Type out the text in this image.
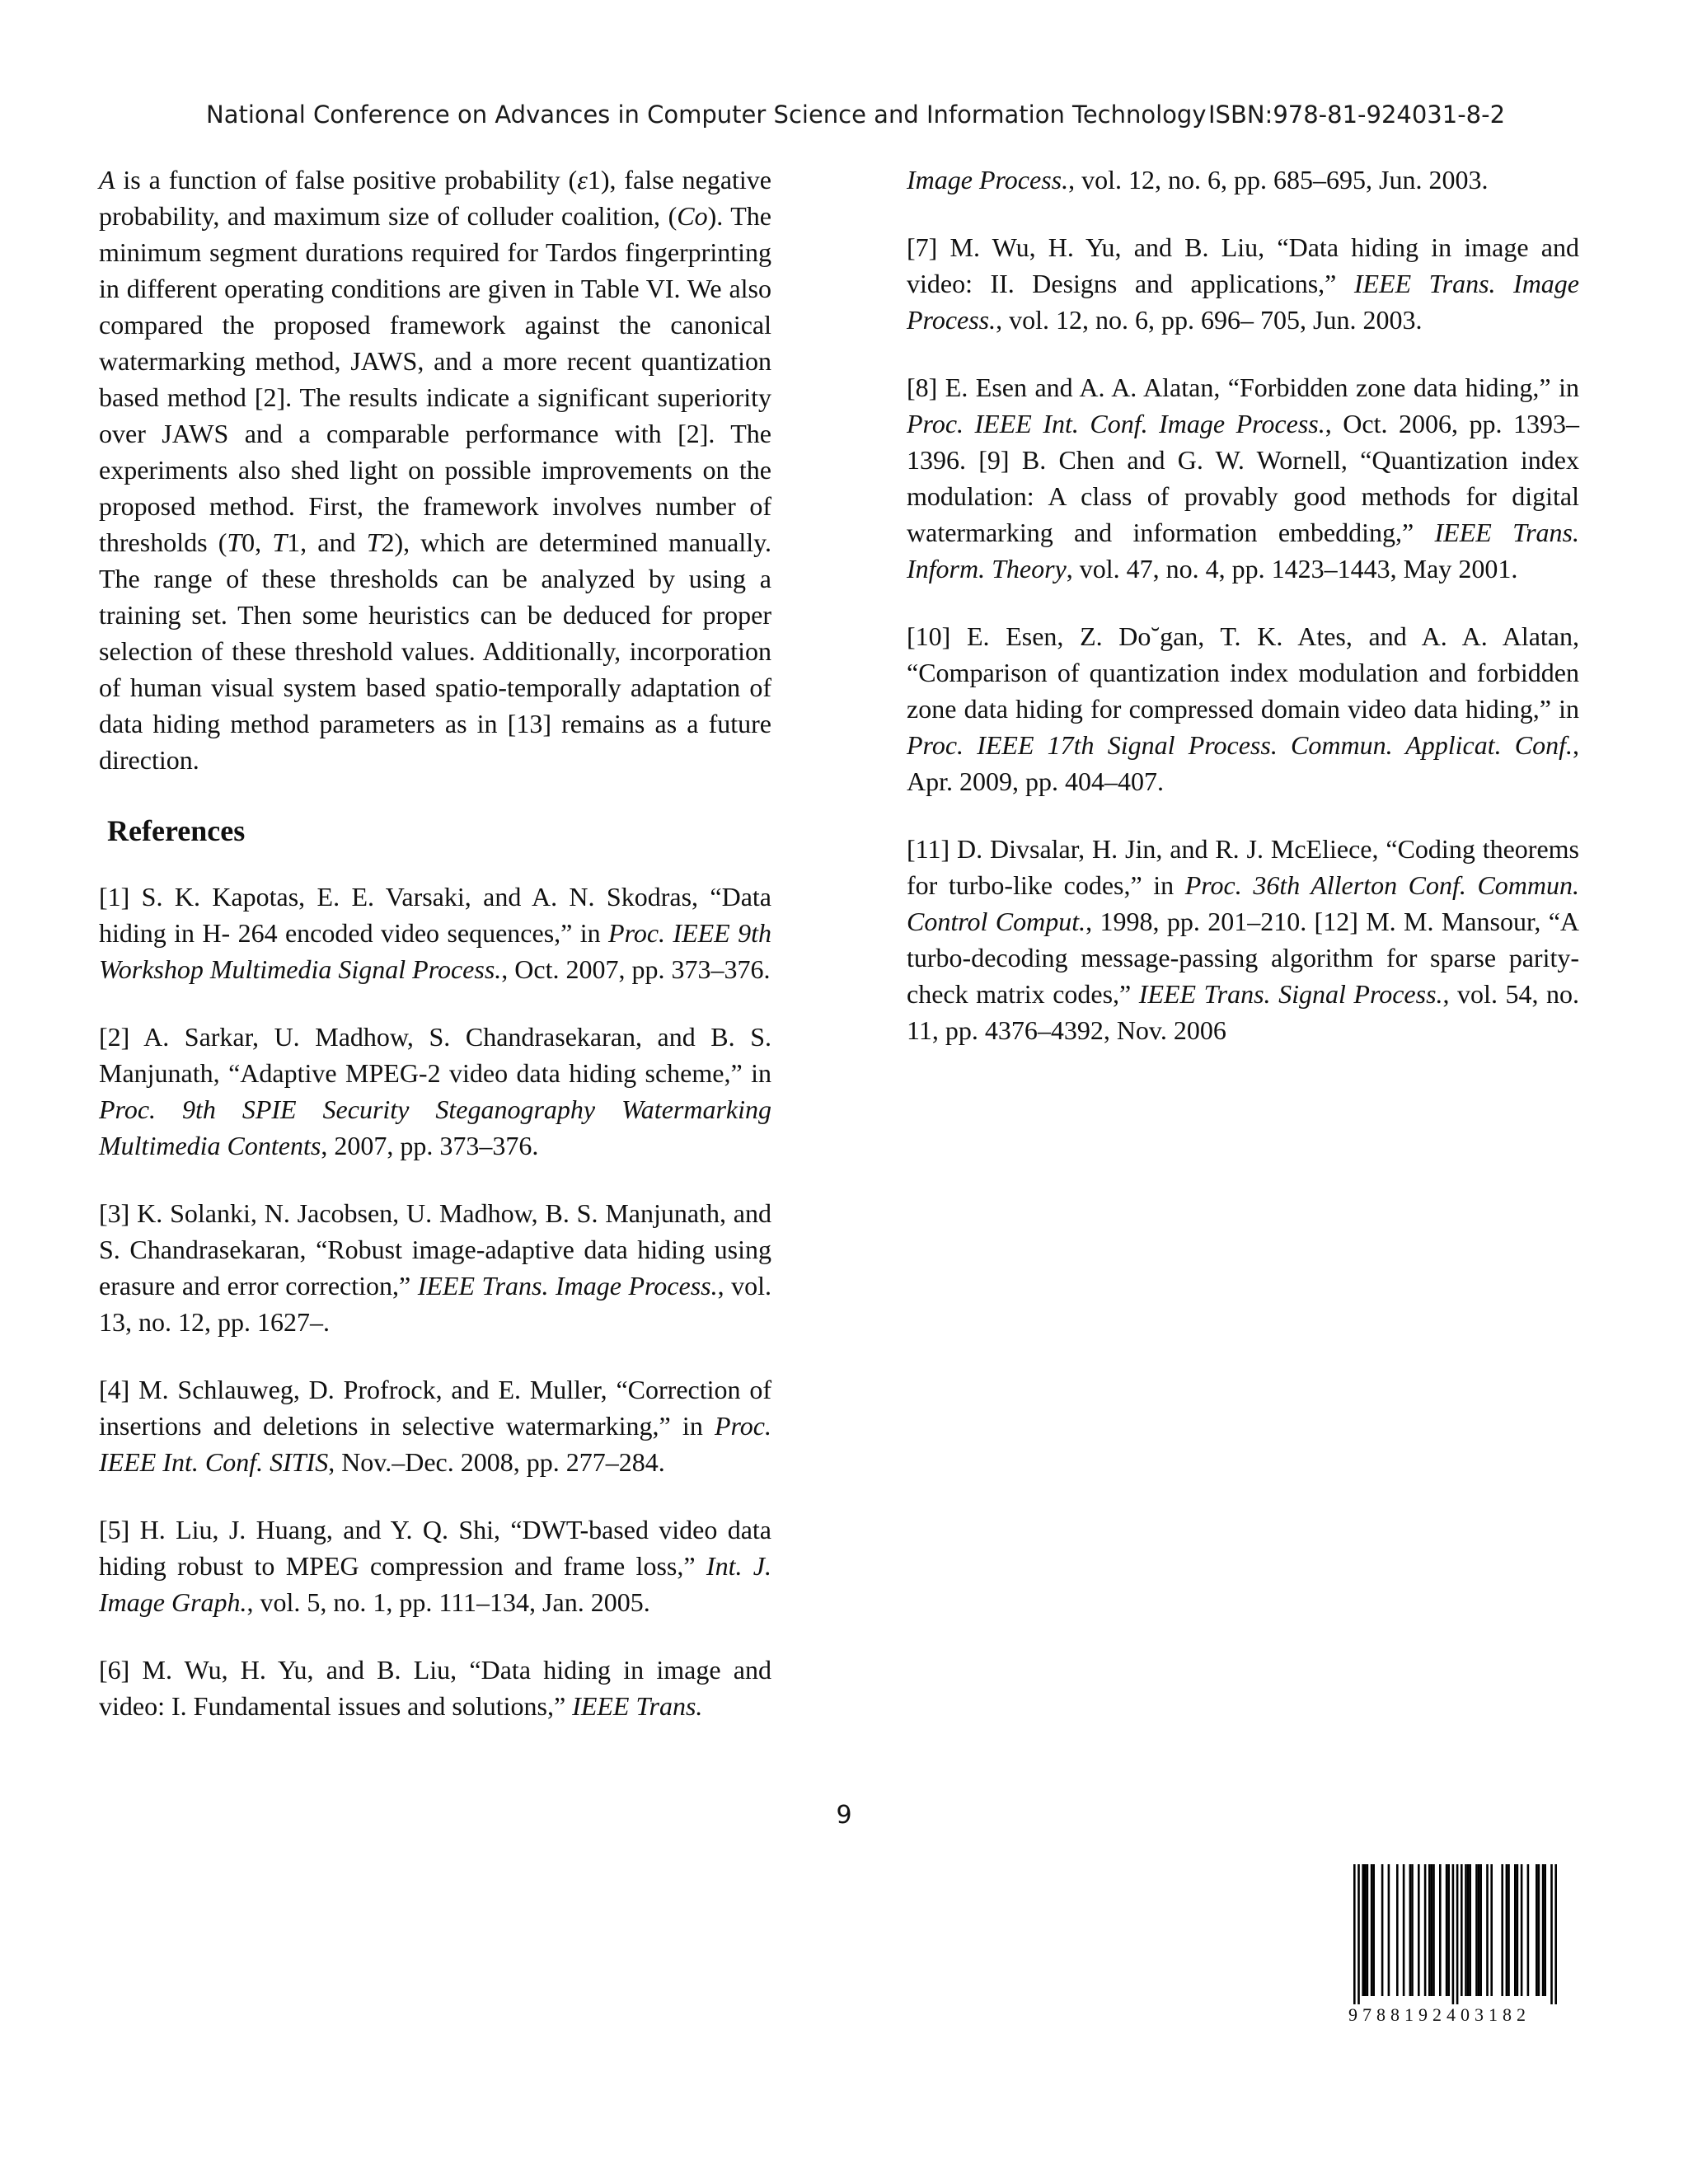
National Conference on Advances in Computer Science and Information Technology ISBN:978-81-924031-8-2

A is a function of false positive probability (ε1), false negative probability, and maximum size of colluder coalition, (Co). The minimum segment durations required for Tardos fingerprinting in different operating conditions are given in Table VI. We also compared the proposed framework against the canonical watermarking method, JAWS, and a more recent quantization based method [2]. The results indicate a significant superiority over JAWS and a comparable performance with [2]. The experiments also shed light on possible improvements on the proposed method. First, the framework involves number of thresholds (T0, T1, and T2), which are determined manually. The range of these thresholds can be analyzed by using a training set. Then some heuristics can be deduced for proper selection of these threshold values. Additionally, incorporation of human visual system based spatio-temporally adaptation of data hiding method parameters as in [13] remains as a future direction.

References

[1] S. K. Kapotas, E. E. Varsaki, and A. N. Skodras, “Data hiding in H- 264 encoded video sequences,” in Proc. IEEE 9th Workshop Multimedia Signal Process., Oct. 2007, pp. 373–376.

[2] A. Sarkar, U. Madhow, S. Chandrasekaran, and B. S. Manjunath, “Adaptive MPEG-2 video data hiding scheme,” in Proc. 9th SPIE Security Steganography Watermarking Multimedia Contents, 2007, pp. 373–376.

[3] K. Solanki, N. Jacobsen, U. Madhow, B. S. Manjunath, and S. Chandrasekaran, “Robust image-adaptive data hiding using erasure and error correction,” IEEE Trans. Image Process., vol. 13, no. 12, pp. 1627–.

[4] M. Schlauweg, D. Profrock, and E. Muller, “Correction of insertions and deletions in selective watermarking,” in Proc. IEEE Int. Conf. SITIS, Nov.–Dec. 2008, pp. 277–284.

[5] H. Liu, J. Huang, and Y. Q. Shi, “DWT-based video data hiding robust to MPEG compression and frame loss,” Int. J. Image Graph., vol. 5, no. 1, pp. 111–134, Jan. 2005.

[6] M. Wu, H. Yu, and B. Liu, “Data hiding in image and video: I. Fundamental issues and solutions,” IEEE Trans.

Image Process., vol. 12, no. 6, pp. 685–695, Jun. 2003.

[7] M. Wu, H. Yu, and B. Liu, “Data hiding in image and video: II. Designs and applications,” IEEE Trans. Image Process., vol. 12, no. 6, pp. 696– 705, Jun. 2003.

[8] E. Esen and A. A. Alatan, “Forbidden zone data hiding,” in Proc. IEEE Int. Conf. Image Process., Oct. 2006, pp. 1393–1396. [9] B. Chen and G. W. Wornell, “Quantization index modulation: A class of provably good methods for digital watermarking and information embedding,” IEEE Trans. Inform. Theory, vol. 47, no. 4, pp. 1423–1443, May 2001.

[10] E. Esen, Z. Do˘gan, T. K. Ates, and A. A. Alatan, “Comparison of quantization index modulation and forbidden zone data hiding for compressed domain video data hiding,” in Proc. IEEE 17th Signal Process. Commun. Applicat. Conf., Apr. 2009, pp. 404–407.

[11] D. Divsalar, H. Jin, and R. J. McEliece, “Coding theorems for turbo-like codes,” in Proc. 36th Allerton Conf. Commun. Control Comput., 1998, pp. 201–210. [12] M. M. Mansour, “A turbo-decoding message-passing algorithm for sparse parity-check matrix codes,” IEEE Trans. Signal Process., vol. 54, no. 11, pp. 4376–4392, Nov. 2006

9
9788192403182
